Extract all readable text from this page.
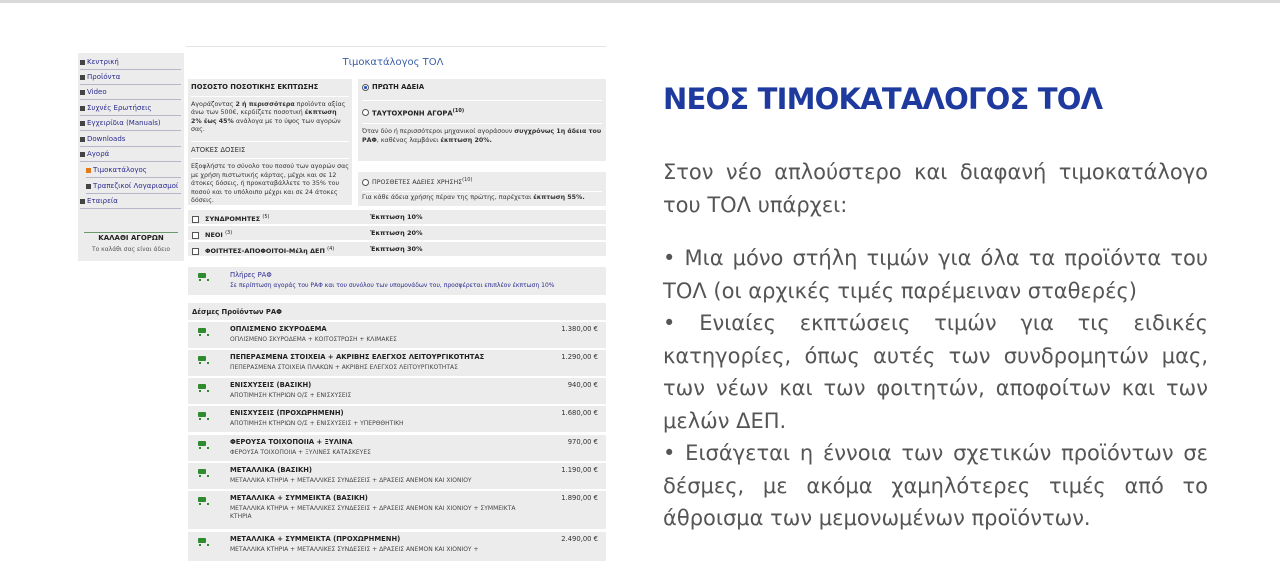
Κεντρική
Προϊόντα
Video
Συχνές Ερωτήσεις
Εγχειρίδια (Manuals)
Downloads
Αγορά
Τιμοκατάλογος
Τραπεζικοί Λογαριασμοί
Εταιρεία
ΚΑΛΑΘΙ ΑΓΟΡΩΝ
Το καλάθι σας είναι άδειο
Τιμοκατάλογος ΤΟΛ
ΠΟΣΟΣΤΟ ΠΟΣΟΤΙΚΗΣ ΕΚΠΤΩΣΗΣ
Αγοράζοντας 2 ή περισσότερα προϊόντα αξίας άνω των 500€, κερδίζετε ποσοτική έκπτωση 2% έως 45% ανάλογα με το ύψος των αγορών σας.
ΑΤΟΚΕΣ ΔΟΣΕΙΣ
Εξοφλήστε το σύνολο του ποσού των αγορών σας με χρήση πιστωτικής κάρτας, μέχρι και σε 12 άτοκες δόσεις, ή προκαταβάλλετε το 35% του ποσού και το υπόλοιπο μέχρι και σε 24 άτοκες δόσεις.
ΠΡΩΤΗ ΑΔΕΙΑ
ΤΑΥΤΟΧΡΟΝΗ ΑΓΟΡΑ$^{(10)}$
Όταν δύο ή περισσότεροι μηχανικοί αγοράσουν συγχρόνως 1η άδεια του ΡΑΦ, καθένας λαμβάνει έκπτωση 20%.
ΠΡΟΣΘΕΤΕΣ ΑΔΕΙΕΣ ΧΡΗΣΗΣ$^{(10)}$
Για κάθε άδεια χρήσης πέραν της πρώτης, παρέχεται έκπτωση 55%.
ΣΥΝΔΡΟΜΗΤΕΣ $^{(5)}$	Έκπτωση 10%
ΝΕΟΙ $^{(3)}$	Έκπτωση 20%
ΦΟΙΤΗΤΕΣ-ΑΠΟΦΟΙΤΟΙ-Μέλη ΔΕΠ $^{(4)}$	Έκπτωση 30%
Πλήρες ΡΑΦ
Σε περίπτωση αγοράς του ΡΑΦ και του συνόλου των υπομονάδων του, προσφέρεται επιπλέον έκπτωση 10%
Δέσμες Προϊόντων ΡΑΦ
ΟΠΛΙΣΜΕΝΟ ΣΚΥΡΟΔΕΜΑ
ΟΠΛΙΣΜΕΝΟ ΣΚΥΡΟΔΕΜΑ + ΚΟΙΤΟΣΤΡΩΣΗ + ΚΛΙΜΑΚΕΣ
1.380,00 €
ΠΕΠΕΡΑΣΜΕΝΑ ΣΤΟΙΧΕΙΑ + ΑΚΡΙΒΗΣ ΕΛΕΓΧΟΣ ΛΕΙΤΟΥΡΓΙΚΟΤΗΤΑΣ
ΠΕΠΕΡΑΣΜΕΝΑ ΣΤΟΙΧΕΙΑ ΠΛΑΚΩΝ + ΑΚΡΙΒΗΣ ΕΛΕΓΧΟΣ ΛΕΙΤΟΥΡΓΙΚΟΤΗΤΑΣ
1.290,00 €
ΕΝΙΣΧΥΣΕΙΣ (ΒΑΣΙΚΗ)
ΑΠΟΤΙΜΗΣΗ ΚΤΗΡΙΩΝ Ο/Σ + ΕΝΙΣΧΥΣΕΙΣ
940,00 €
ΕΝΙΣΧΥΣΕΙΣ (ΠΡΟΧΩΡΗΜΕΝΗ)
ΑΠΟΤΙΜΗΣΗ ΚΤΗΡΙΩΝ Ο/Σ + ΕΝΙΣΧΥΣΕΙΣ + ΥΠΕΡΘΘΗΤΙΚΗ
1.680,00 €
ΦΕΡΟΥΣΑ ΤΟΙΧΟΠΟΙΙΑ + ΞΥΛΙΝΑ
ΦΕΡΟΥΣΑ ΤΟΙΧΟΠΟΙΙΑ + ΞΥΛΙΝΕΣ ΚΑΤΑΣΚΕΥΕΣ
970,00 €
ΜΕΤΑΛΛΙΚΑ (ΒΑΣΙΚΗ)
ΜΕΤΑΛΛΙΚΑ ΚΤΗΡΙΑ + ΜΕΤΑΛΛΙΚΕΣ ΣΥΝΔΕΣΕΙΣ + ΔΡΑΣΕΙΣ ΑΝΕΜΟΝ ΚΑΙ ΧΙΟΝΙΟΥ
1.190,00 €
ΜΕΤΑΛΛΙΚΑ + ΣΥΜΜΕΙΚΤΑ (ΒΑΣΙΚΗ)
ΜΕΤΑΛΛΙΚΑ ΚΤΗΡΙΑ + ΜΕΤΑΛΛΙΚΕΣ ΣΥΝΔΕΣΕΙΣ + ΔΡΑΣΕΙΣ ΑΝΕΜΟΝ ΚΑΙ ΧΙΟΝΙΟΥ + ΣΥΜΜΕΙΚΤΑ ΚΤΗΡΙΑ
1.890,00 €
ΜΕΤΑΛΛΙΚΑ + ΣΥΜΜΕΙΚΤΑ (ΠΡΟΧΩΡΗΜΕΝΗ)
ΜΕΤΑΛΛΙΚΑ ΚΤΗΡΙΑ + ΜΕΤΑΛΛΙΚΕΣ ΣΥΝΔΕΣΕΙΣ + ΔΡΑΣΕΙΣ ΑΝΕΜΟΝ ΚΑΙ ΧΙΟΝΙΟΥ +
2.490,00 €
ΝΕΟΣ ΤΙΜΟΚΑΤΑΛΟΓΟΣ ΤΟΛ

Στον νέο απλούστερο και διαφανή τιμοκατάλογο του ΤΟΛ υπάρχει:

• Μια μόνο στήλη τιμών για όλα τα προϊόντα του ΤΟΛ (οι αρχικές τιμές παρέμειναν σταθερές)

• Ενιαίες εκπτώσεις τιμών για τις ειδικές κατηγορίες, όπως αυτές των συνδρομητών μας, των νέων και των φοιτητών, αποφοίτων και των μελών ΔΕΠ.

• Εισάγεται η έννοια των σχετικών προϊόντων σε δέσμες, με ακόμα χαμηλότερες τιμές από το άθροισμα των μεμονωμένων προϊόντων.
